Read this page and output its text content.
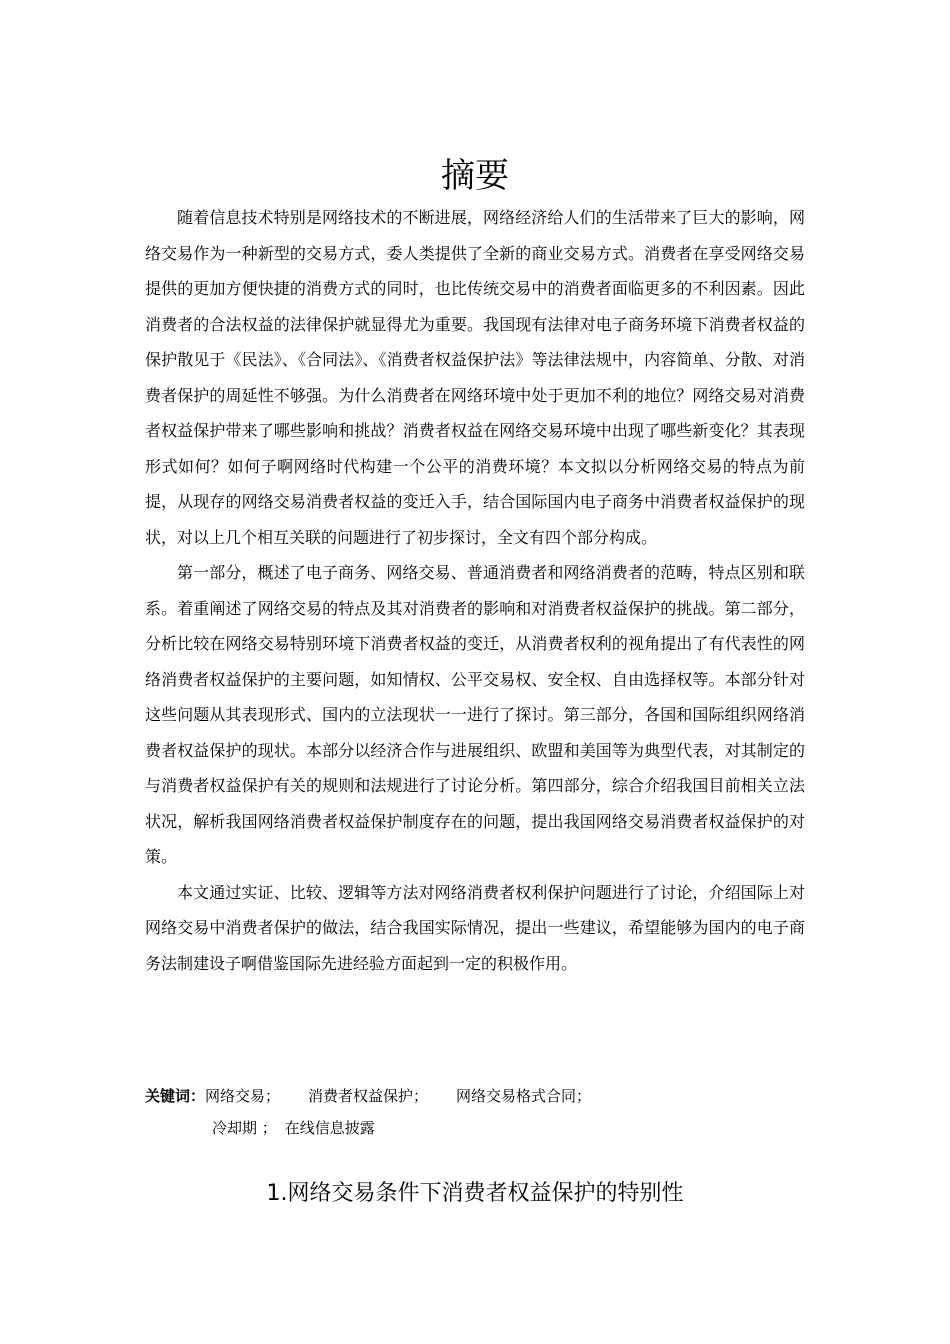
摘要

随着信息技术特别是网络技术的不断进展，网络经济给人们的生活带来了巨大的影响，网络交易作为一种新型的交易方式，委人类提供了全新的商业交易方式。消费者在享受网络交易提供的更加方便快捷的消费方式的同时，也比传统交易中的消费者面临更多的不利因素。因此消费者的合法权益的法律保护就显得尤为重要。我国现有法律对电子商务环境下消费者权益的保护散见于《民法》、《合同法》、《消费者权益保护法》等法律法规中，内容简单、分散、对消费者保护的周延性不够强。为什么消费者在网络环境中处于更加不利的地位？网络交易对消费者权益保护带来了哪些影响和挑战？消费者权益在网络交易环境中出现了哪些新变化？其表现形式如何？如何子啊网络时代构建一个公平的消费环境？本文拟以分析网络交易的特点为前提，从现存的网络交易消费者权益的变迁入手，结合国际国内电子商务中消费者权益保护的现状，对以上几个相互关联的问题进行了初步探讨，全文有四个部分构成。

第一部分，概述了电子商务、网络交易、普通消费者和网络消费者的范畴，特点区别和联系。着重阐述了网络交易的特点及其对消费者的影响和对消费者权益保护的挑战。第二部分，分析比较在网络交易特别环境下消费者权益的变迁，从消费者权利的视角提出了有代表性的网络消费者权益保护的主要问题，如知情权、公平交易权、安全权、自由选择权等。本部分针对这些问题从其表现形式、国内的立法现状一一进行了探讨。第三部分，各国和国际组织网络消费者权益保护的现状。本部分以经济合作与进展组织、欧盟和美国等为典型代表，对其制定的与消费者权益保护有关的规则和法规进行了讨论分析。第四部分，综合介绍我国目前相关立法状况，解析我国网络消费者权益保护制度存在的问题，提出我国网络交易消费者权益保护的对策。

本文通过实证、比较、逻辑等方法对网络消费者权利保护问题进行了讨论，介绍国际上对网络交易中消费者保护的做法，结合我国实际情况，提出一些建议，希望能够为国内的电子商务法制建设子啊借鉴国际先进经验方面起到一定的积极作用。

关键词：网络交易； 消费者权益保护； 网络交易格式合同；
冷却期 ； 在线信息披露
1.网络交易条件下消费者权益保护的特别性
